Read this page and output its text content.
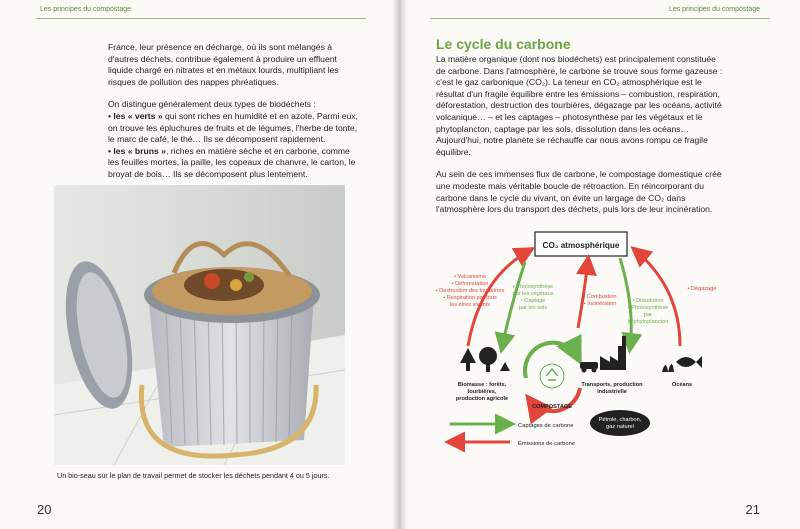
Les principes du compostage

France, leur présence en décharge, où ils sont mélangés à d'autres déchets, contribue également à produire un effluent liquide chargé en nitrates et en métaux lourds, multipliant les risques de pollution des nappes phréatiques.

On distingue généralement deux types de biodéchets :

• les « verts » qui sont riches en humidité et en azote. Parmi eux, on trouve les épluchures de fruits et de légumes, l'herbe de tonte, le marc de café, le thé… Ils se décomposent rapidement.

• les « bruns », riches en matière sèche et en carbone, comme les feuilles mortes, la paille, les copeaux de chanvre, le carton, le broyat de bois… Ils se décomposent plus lentement.

Un bio-seau sur le plan de travail permet de stocker les déchets pendant 4 ou 5 jours.
20
Les principes du compostage
Le cycle du carbone

La matière organique (dont nos biodéchets) est principalement constituée de carbone. Dans l'atmosphère, le carbone se trouve sous forme gazeuse : c'est le gaz carbonique (CO₂). La teneur en CO₂ atmosphérique est le résultat d'un fragile équilibre entre les émissions – combustion, respiration, déforestation, destruction des tourbières, dégazage par les océans, activité volcanique… – et les captages – photosynthèse par les végétaux et le phytoplancton, captage par les sols, dissolution dans les océans… Aujourd'hui, notre planète se réchauffe car nous avons rompu ce fragile équilibre.

Au sein de ces immenses flux de carbone, le compostage domestique crée une modeste mais véritable boucle de rétroaction. En réincorporant du carbone dans le cycle du vivant, on évite un largage de CO₂ dans l'atmosphère lors du transport des déchets, puis lors de leur incinération.

CO₂ atmosphérique
• Volcanisme
• Déforestation
• Destruction des tourbières
• Respiration par tous
les êtres vivants
• Photosynthèse
par les végétaux
• Captage
par les sols
• Combustion
• Incinération	• Dissolution
• Photosynthèse
par
le phytoplancton
• Dégazage
COMPOSTAGE
Biomasse : forêts,
tourbières,
production agricole
Transports, production
industrielle
Océans
Pétrole, charbon,
gaz naturel
Captages de carbone
Émissions de carbone
21
